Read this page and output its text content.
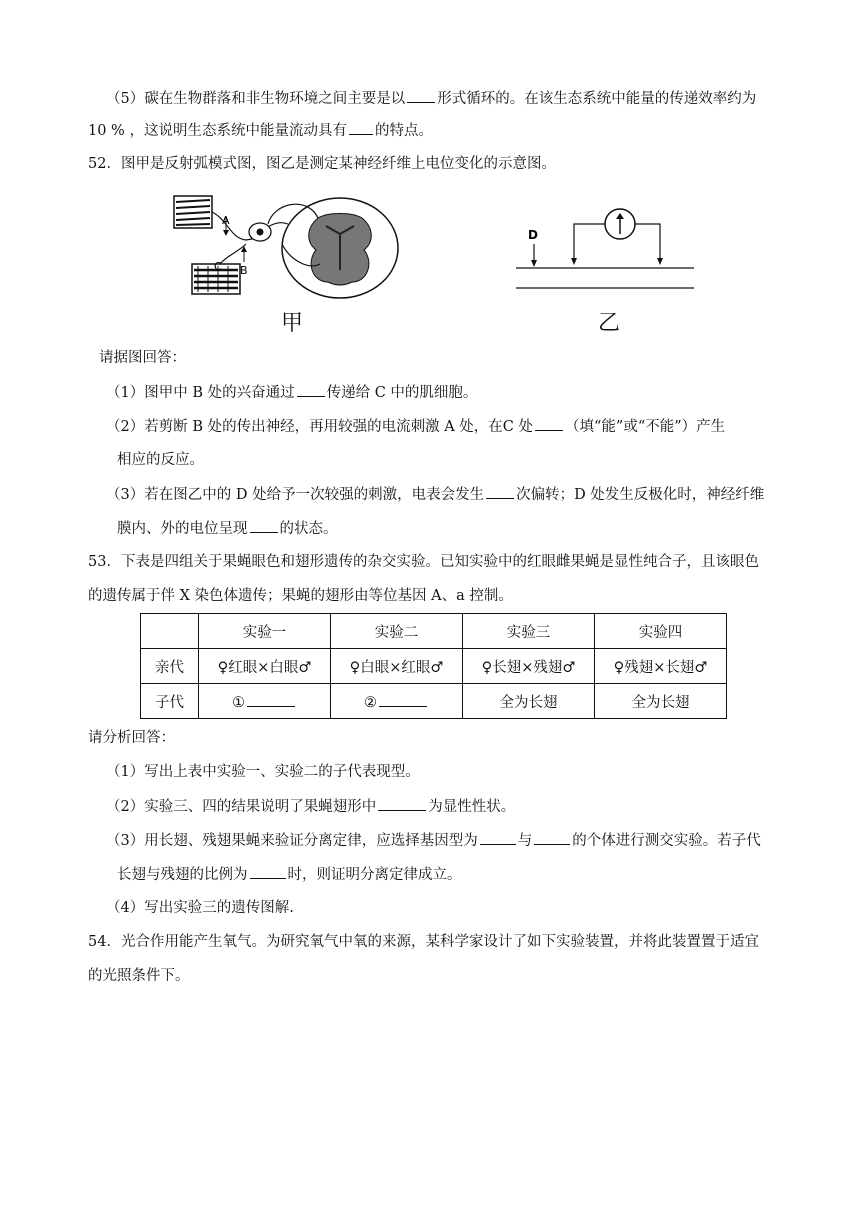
（5）碳在生物群落和非生物环境之间主要是以 形式循环的。在该生态系统中能量的传递效率约为
10 % ，这说明生态系统中能量流动具有 的特点。
52．图甲是反射弧模式图，图乙是测定某神经纤维上电位变化的示意图。
A
B
C
甲
D
乙
请据图回答：
（1）图甲中 B 处的兴奋通过 传递给 C 中的肌细胞。
（2）若剪断 B 处的传出神经，再用较强的电流刺激 A 处，在C 处 （填“能”或“不能”）产生
相应的反应。
（3）若在图乙中的 D 处给予一次较强的刺激，电表会发生 次偏转；D 处发生反极化时，神经纤维
膜内、外的电位呈现 的状态。
53．下表是四组关于果蝇眼色和翅形遗传的杂交实验。已知实验中的红眼雌果蝇是显性纯合子，且该眼色
的遗传属于伴 X 染色体遗传；果蝇的翅形由等位基因 A、a 控制。
	实验一	实验二	实验三	实验四
亲代	♀红眼×白眼♂	♀白眼×红眼♂	♀长翅×残翅♂	♀残翅×长翅♂
子代	①	②	全为长翅	全为长翅
请分析回答：
（1）写出上表中实验一、实验二的子代表现型。
（2）实验三、四的结果说明了果蝇翅形中	为显性性状。
（3）用长翅、残翅果蝇来验证分离定律，应选择基因型为	与	的个体进行测交实验。若子代
长翅与残翅的比例为	时，则证明分离定律成立。
（4）写出实验三的遗传图解.
54．光合作用能产生氧气。为研究氧气中氧的来源，某科学家设计了如下实验装置，并将此装置置于适宜
的光照条件下。
